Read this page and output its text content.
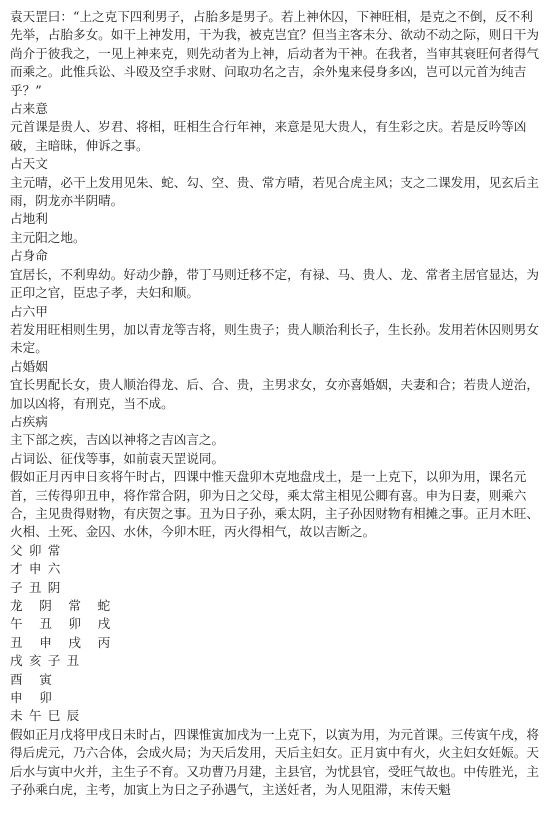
袁天罡曰：“上之克下四利男子，占胎多是男子。若上神休囚，下神旺相，是克之不倒，反不利先举，占胎多女。如干上神发用，干为我，被克岂宜？但当主客未分、欲动不动之际，则日干为尚介于彼我之，一见上神来克，则先动者为上神，后动者为干神。在我者，当审其衰旺何者得气而乘之。此惟兵讼、斗殴及空手求财、问取功名之吉，余外鬼来侵身多凶，岂可以元首为纯吉乎？”

占来意

元首课是贵人、岁君、将相，旺相生合行年神，来意是见大贵人，有生彩之庆。若是反吟等凶破，主暗昧，伸诉之事。

占天文

主元晴，必干上发用见朱、蛇、勾、空、贵、常方晴，若见合虎主风；支之二课发用，见玄后主雨，阴龙亦半阴晴。

占地利

主元阳之地。

占身命

宜居长，不利卑幼。好动少静，带丁马则迁移不定，有禄、马、贵人、龙、常者主居官显达，为正印之官，臣忠子孝，夫妇和顺。

占六甲

若发用旺相则生男，加以青龙等吉将，则生贵子；贵人顺治利长子，生长孙。发用若休囚则男女未定。

占婚姻

宜长男配长女，贵人顺治得龙、后、合、贵，主男求女，女亦喜婚姻，夫妻和合；若贵人逆治，加以凶将，有刑克，当不成。

占疾病

主下部之疾，吉凶以神将之吉凶言之。

占词讼、征伐等事，如前袁天罡说同。

假如正月丙申日亥将午时占，四课中惟天盘卯木克地盘戌土，是一上克下，以卯为用，课名元首，三传得卯丑申，将作常合阴，卯为日之父母，乘太常主相见公卿有喜。申为日妻，则乘六合，主见贵得财物，有庆贺之事。丑为日子孙，乘太阴，主子孙因财物有相摊之事。正月木旺、火相、土死、金囚、水休，今卯木旺，丙火得相气，故以吉断之。

父卯常

才申六

子丑阴

龙 阴 常 蛇

午 丑 卯 戌

丑 申 戌 丙

戌亥子丑

酉 寅

申 卯

未午巳辰

假如正月戊将甲戌日未时占，四课惟寅加戌为一上克下，以寅为用，为元首课。三传寅午戌，将得后虎元，乃六合体，会成火局；为天后发用，天后主妇女。正月寅中有火，火主妇女妊娠。天后水与寅中火并，主生子不育。又功曹乃月建，主县官，为忧县官，受旺气故也。中传胜光，主子孙乘白虎，主考，加寅上为日之子孙遇气，主送妊者，为人见阻滞，末传天魁
